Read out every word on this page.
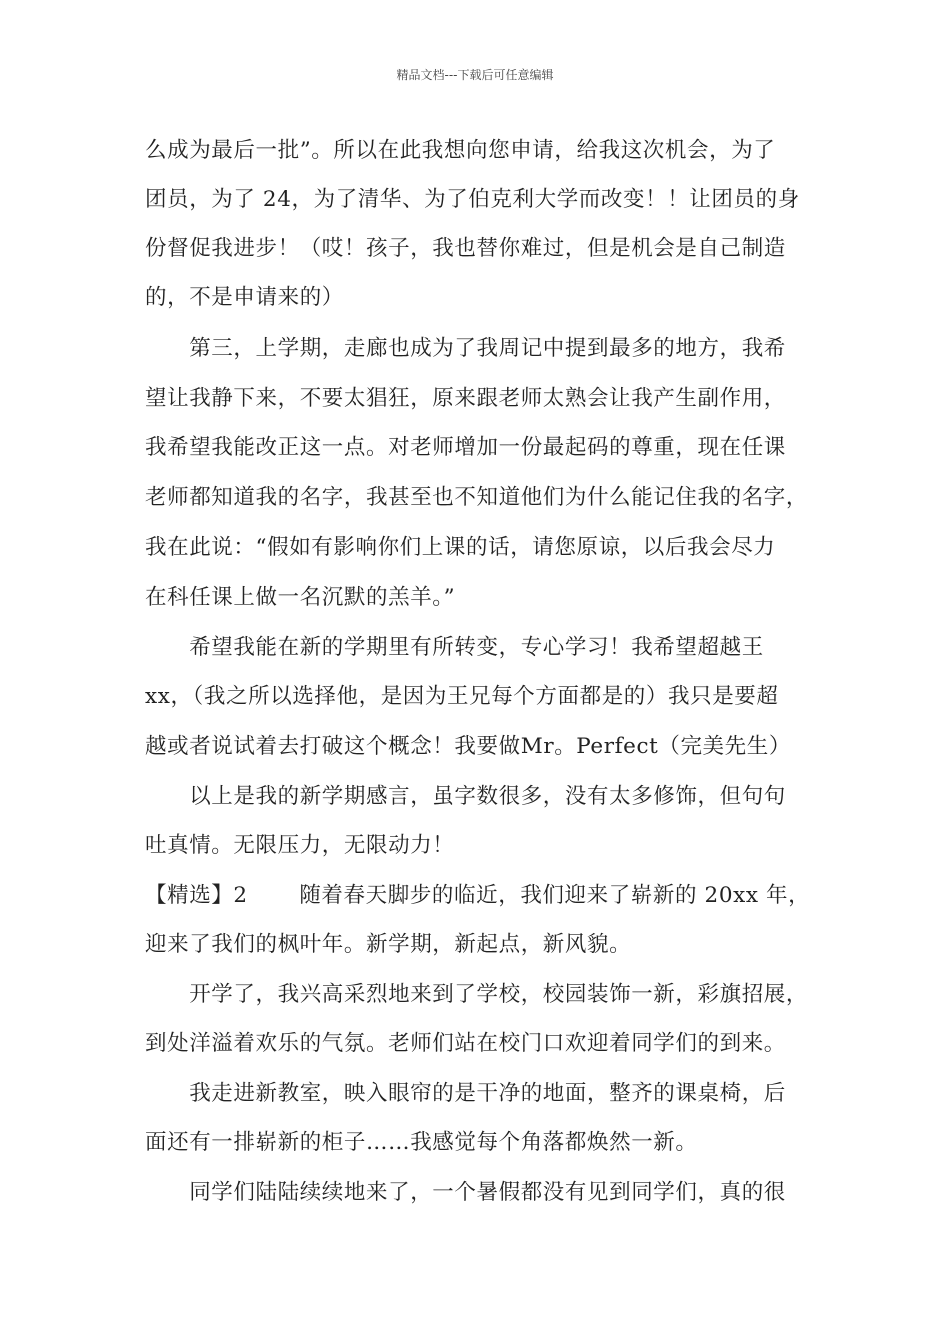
精品文档---下载后可任意编辑
么成为最后一批”。所以在此我想向您申请，给我这次机会，为了
团员，为了 24，为了清华、为了伯克利大学而改变！！让团员的身
份督促我进步！（哎！孩子，我也替你难过，但是机会是自己制造
的，不是申请来的）
　　第三，上学期，走廊也成为了我周记中提到最多的地方，我希
望让我静下来，不要太猖狂，原来跟老师太熟会让我产生副作用，
我希望我能改正这一点。对老师增加一份最起码的尊重，现在任课
老师都知道我的名字，我甚至也不知道他们为什么能记住我的名字，
我在此说：“假如有影响你们上课的话，请您原谅，以后我会尽力
在科任课上做一名沉默的羔羊。”
　　希望我能在新的学期里有所转变，专心学习！我希望超越王
xx，（我之所以选择他，是因为王兄每个方面都是的）我只是要超
越或者说试着去打破这个概念！我要做Mr。Perfect（完美先生）
　　以上是我的新学期感言，虽字数很多，没有太多修饰，但句句
吐真情。无限压力，无限动力！
【精选】2　　 随着春天脚步的临近，我们迎来了崭新的 20xx 年，
迎来了我们的枫叶年。新学期，新起点，新风貌。
　　开学了，我兴高采烈地来到了学校，校园装饰一新，彩旗招展，
到处洋溢着欢乐的气氛。老师们站在校门口欢迎着同学们的到来。
　　我走进新教室，映入眼帘的是干净的地面，整齐的课桌椅，后
面还有一排崭新的柜子……我感觉每个角落都焕然一新。
　　同学们陆陆续续地来了，一个暑假都没有见到同学们，真的很
